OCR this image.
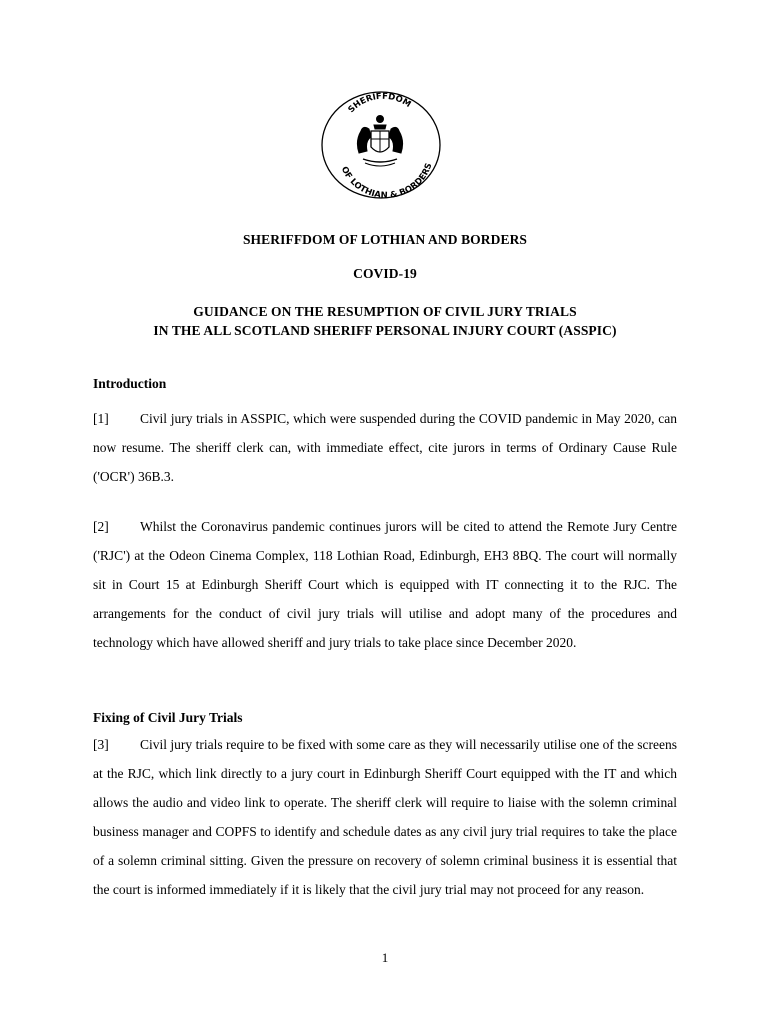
SHERIFFDOM
OF LOTHIAN & BORDERS

SHERIFFDOM OF LOTHIAN AND BORDERS

COVID-19

GUIDANCE ON THE RESUMPTION OF CIVIL JURY TRIALS

IN THE ALL SCOTLAND SHERIFF PERSONAL INJURY COURT (ASSPIC)

Introduction

[1] Civil jury trials in ASSPIC, which were suspended during the COVID pandemic in May 2020, can now resume. The sheriff clerk can, with immediate effect, cite jurors in terms of Ordinary Cause Rule ('OCR') 36B.3.

[2] Whilst the Coronavirus pandemic continues jurors will be cited to attend the Remote Jury Centre ('RJC') at the Odeon Cinema Complex, 118 Lothian Road, Edinburgh, EH3 8BQ. The court will normally sit in Court 15 at Edinburgh Sheriff Court which is equipped with IT connecting it to the RJC. The arrangements for the conduct of civil jury trials will utilise and adopt many of the procedures and technology which have allowed sheriff and jury trials to take place since December 2020.

Fixing of Civil Jury Trials

[3] Civil jury trials require to be fixed with some care as they will necessarily utilise one of the screens at the RJC, which link directly to a jury court in Edinburgh Sheriff Court equipped with the IT and which allows the audio and video link to operate. The sheriff clerk will require to liaise with the solemn criminal business manager and COPFS to identify and schedule dates as any civil jury trial requires to take the place of a solemn criminal sitting. Given the pressure on recovery of solemn criminal business it is essential that the court is informed immediately if it is likely that the civil jury trial may not proceed for any reason.

1
